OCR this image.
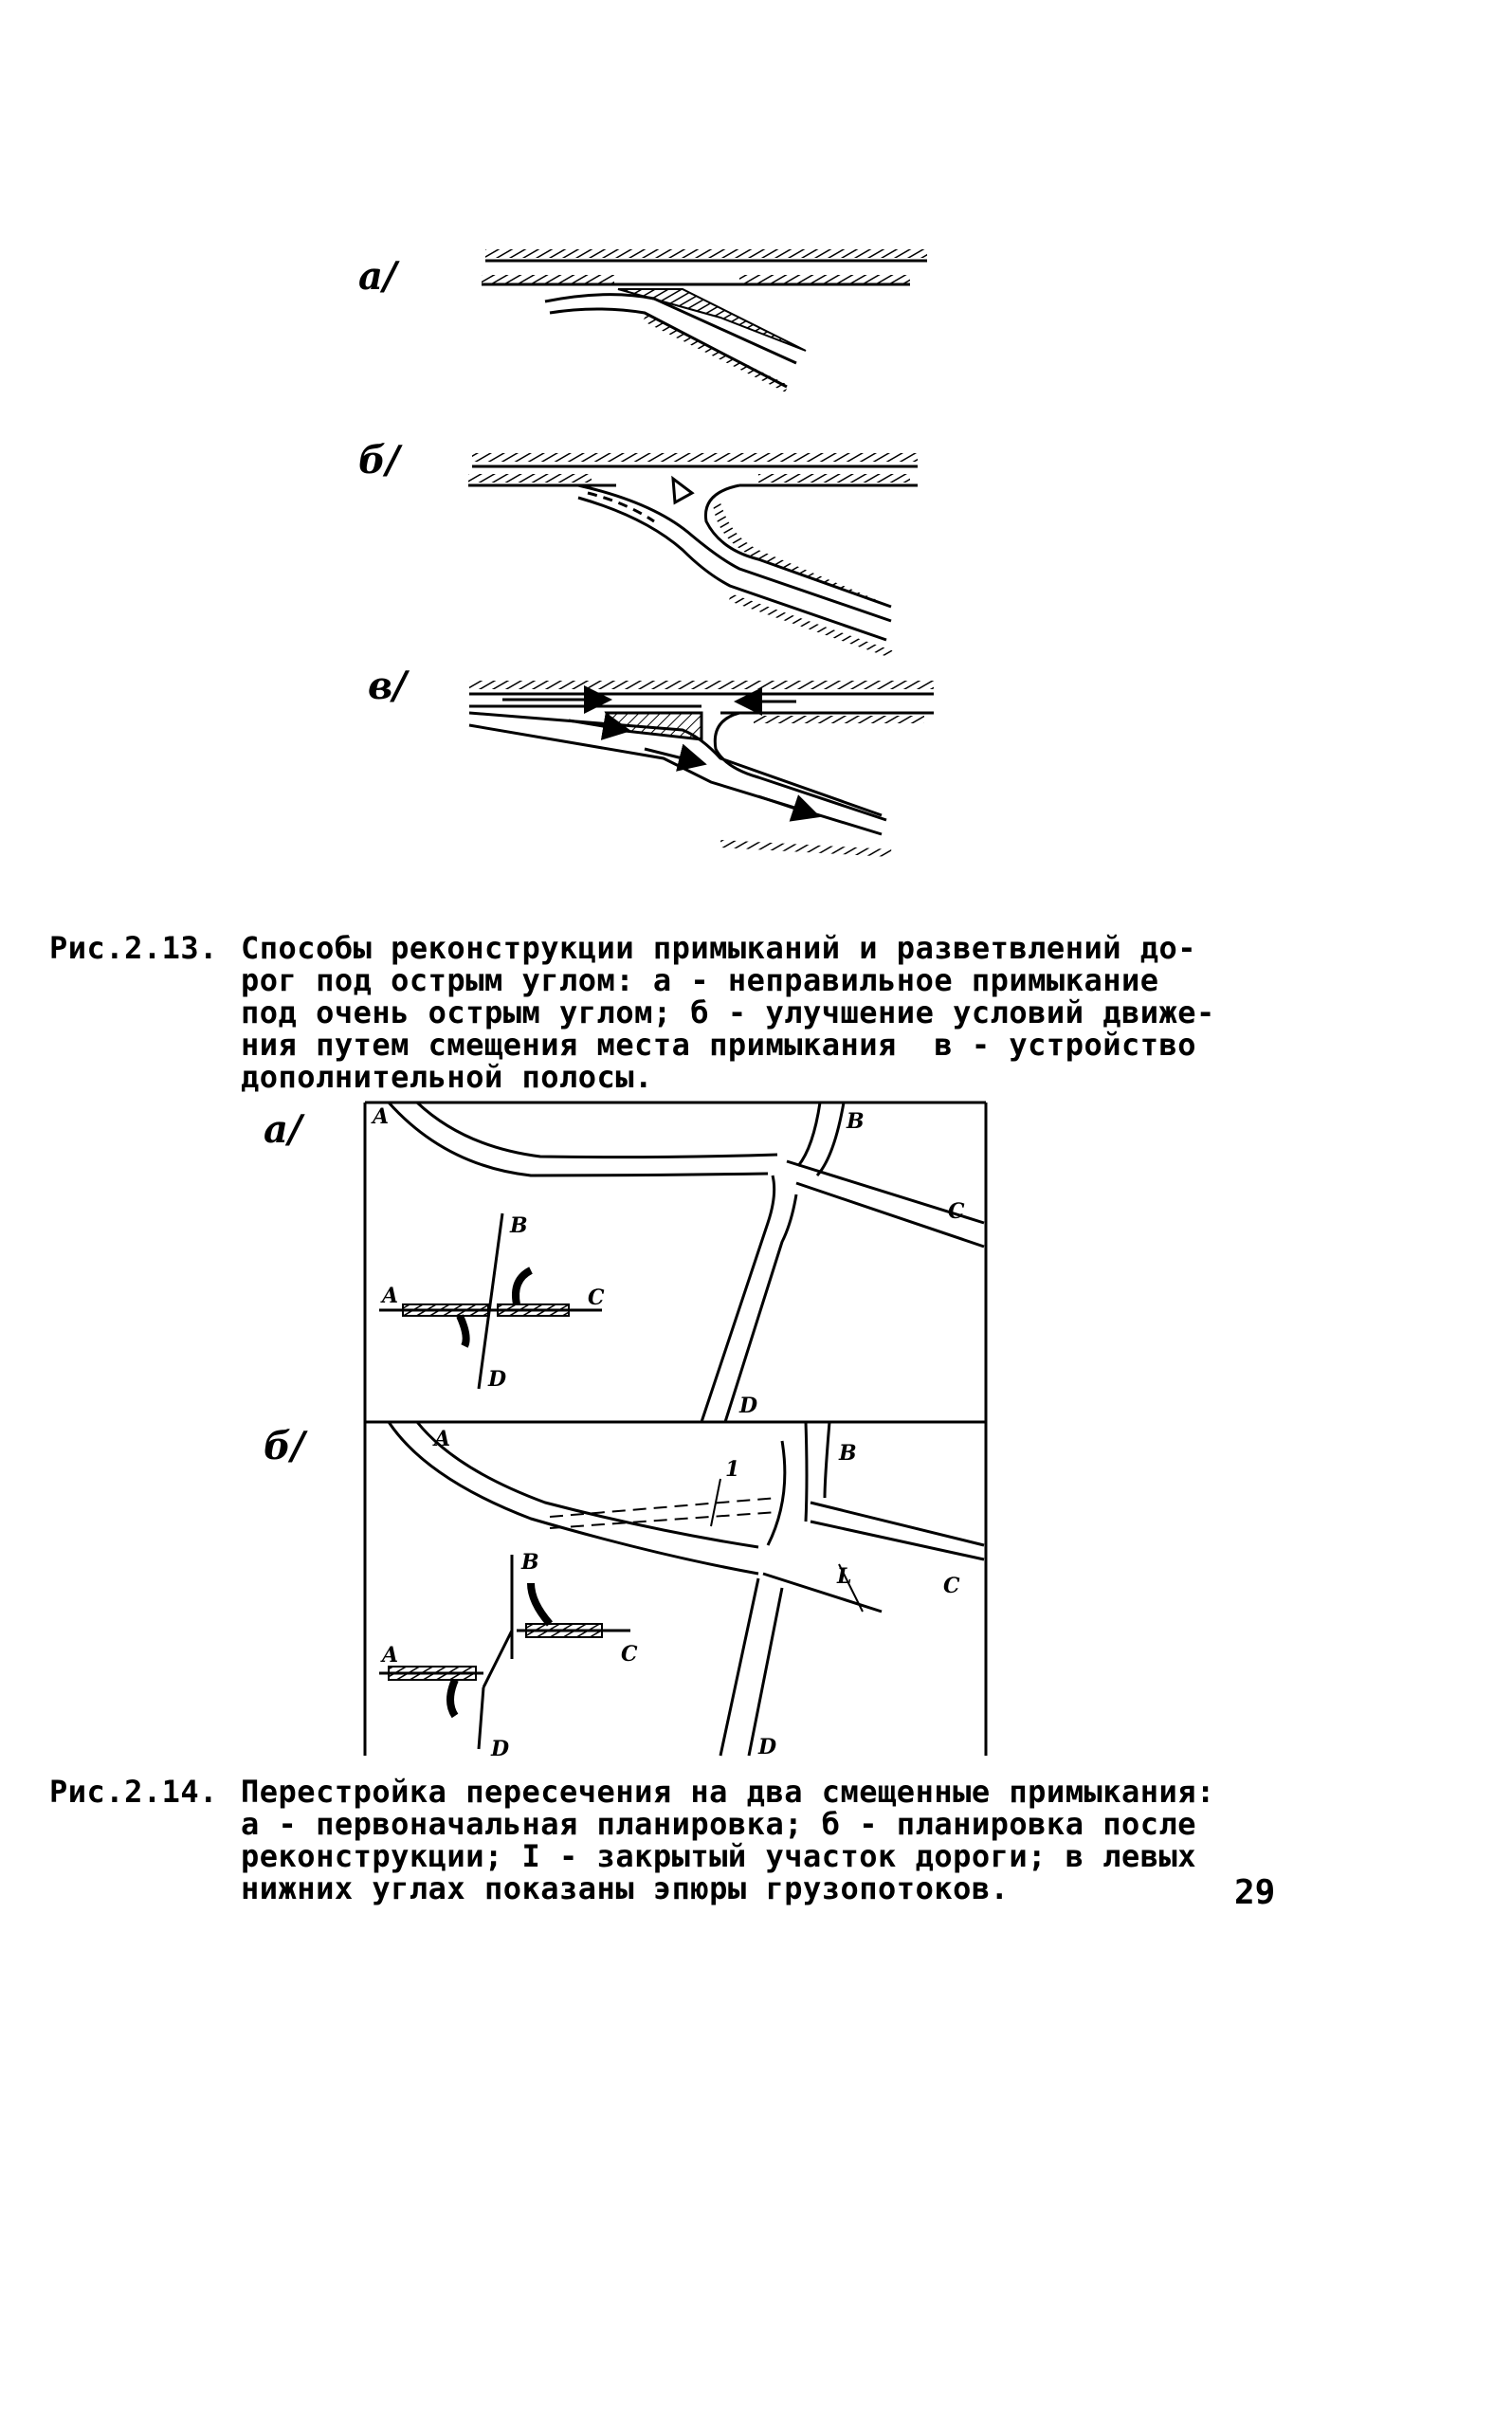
а/
б/
в/
Рис.2.13. Способы реконструкции примыканий и разветвлений до-
рог под острым углом: а - неправильное примыкание
под очень острым углом; б - улучшение условий движе-
ния путем смещения места примыкания  в - устройство
дополнительной полосы.
а/
б/
A	B
C
D
A
B
C
D
A
B
C
D
1
L
A
B
C
D
Рис.2.14. Перестройка пересечения на два смещенные примыкания:
а - первоначальная планировка; б - планировка после
реконструкции; I - закрытый участок дороги; в левых
нижних углах показаны эпюры грузопотоков.	29
